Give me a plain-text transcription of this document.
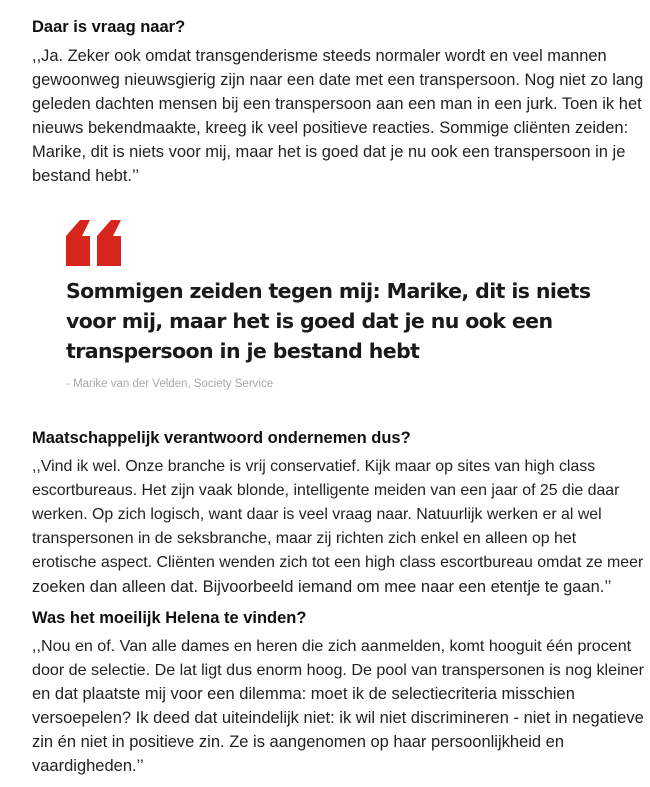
Daar is vraag naar?

,,Ja. Zeker ook omdat transgenderisme steeds normaler wordt en veel mannen
gewoonweg nieuwsgierig zijn naar een date met een transpersoon. Nog niet zo lang
geleden dachten mensen bij een transpersoon aan een man in een jurk. Toen ik het
nieuws bekendmaakte, kreeg ik veel positieve reacties. Sommige cliënten zeiden:
Marike, dit is niets voor mij, maar het is goed dat je nu ook een transpersoon in je
bestand hebt.’’

Sommigen zeiden tegen mij: Marike, dit is niets
voor mij, maar het is goed dat je nu ook een
transpersoon in je bestand hebt

- Marike van der Velden, Society Service

Maatschappelijk verantwoord ondernemen dus?

,,Vind ik wel. Onze branche is vrij conservatief. Kijk maar op sites van high class
escortbureaus. Het zijn vaak blonde, intelligente meiden van een jaar of 25 die daar
werken. Op zich logisch, want daar is veel vraag naar. Natuurlijk werken er al wel
transpersonen in de seksbranche, maar zij richten zich enkel en alleen op het
erotische aspect. Cliënten wenden zich tot een high class escortbureau omdat ze meer
zoeken dan alleen dat. Bijvoorbeeld iemand om mee naar een etentje te gaan.’’

Was het moeilijk Helena te vinden?

,,Nou en of. Van alle dames en heren die zich aanmelden, komt hooguit één procent
door de selectie. De lat ligt dus enorm hoog. De pool van transpersonen is nog kleiner
en dat plaatste mij voor een dilemma: moet ik de selectiecriteria misschien
versoepelen? Ik deed dat uiteindelijk niet: ik wil niet discrimineren - niet in negatieve
zin én niet in positieve zin. Ze is aangenomen op haar persoonlijkheid en
vaardigheden.’’
